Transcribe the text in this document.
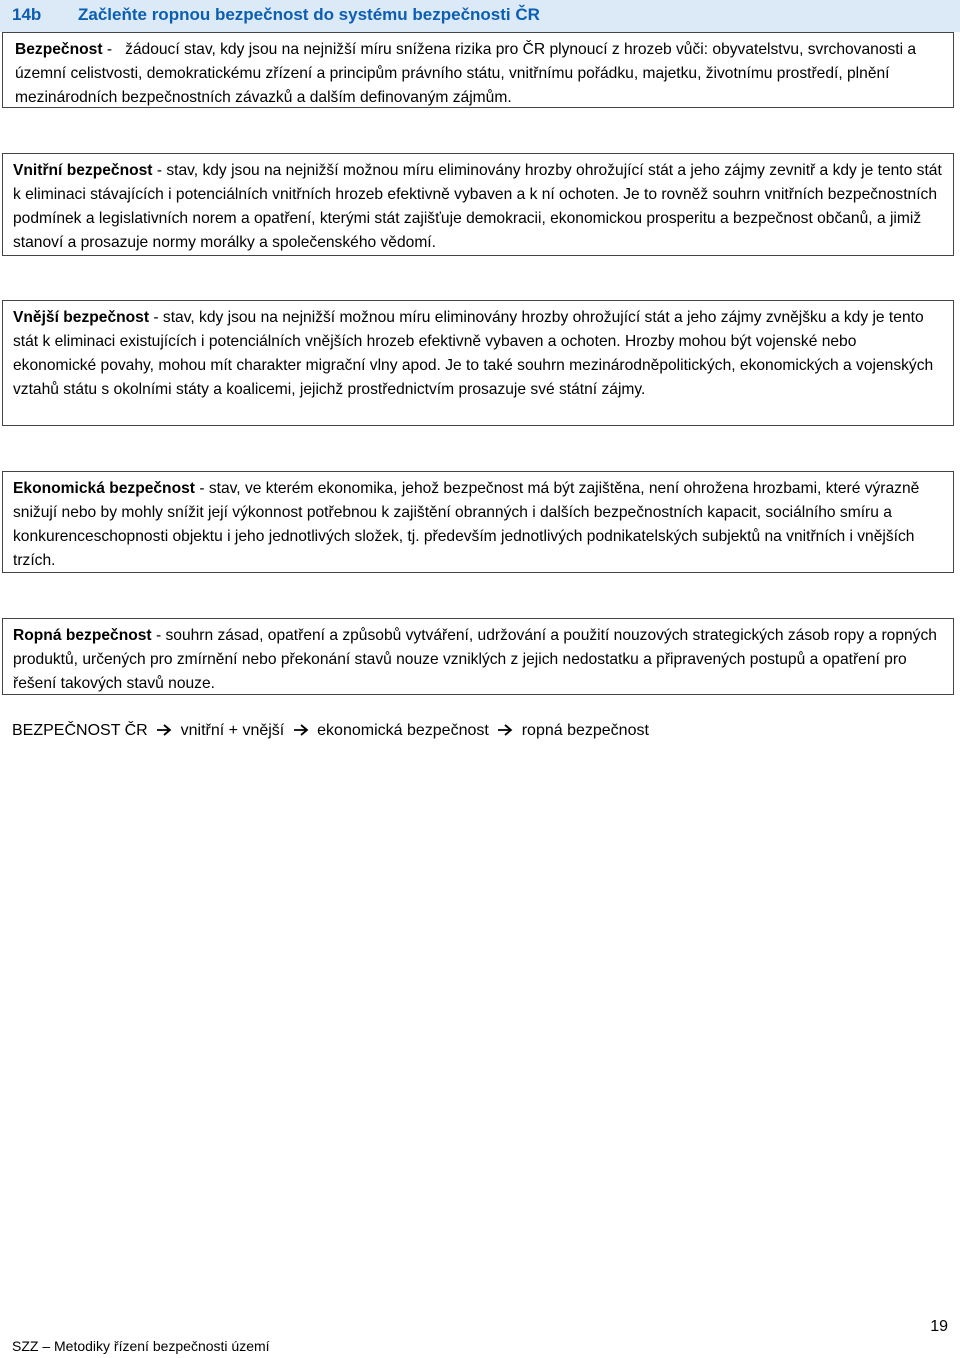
14b Začleňte ropnou bezpečnost do systému bezpečnosti ČR
Bezpečnost -   žádoucí stav, kdy jsou na nejnižší míru snížena rizika pro ČR plynoucí z hrozeb vůči: obyvatelstvu, svrchovanosti a územní celistvosti, demokratickému zřízení a principům právního státu, vnitřnímu pořádku, majetku, životnímu prostředí, plnění mezinárodních bezpečnostních závazků a dalším definovaným zájmům.
Vnitřní bezpečnost - stav, kdy jsou na nejnižší možnou míru eliminovány hrozby ohrožující stát a jeho zájmy zevnitř a kdy je tento stát k eliminaci stávajících i potenciálních vnitřních hrozeb efektivně vybaven a k ní ochoten. Je to rovněž souhrn vnitřních bezpečnostních podmínek a legislativních norem a opatření, kterými stát zajišťuje demokracii, ekonomickou prosperitu a bezpečnost občanů, a jimiž stanoví a prosazuje normy morálky a společenského vědomí.
Vnější bezpečnost - stav, kdy jsou na nejnižší možnou míru eliminovány hrozby ohrožující stát a jeho zájmy zvnějšku a kdy je tento stát k eliminaci existujících i potenciálních vnějších hrozeb efektivně vybaven a ochoten. Hrozby mohou být vojenské nebo ekonomické povahy, mohou mít charakter migrační vlny apod. Je to také souhrn mezinárodněpolitických, ekonomických a vojenských vztahů státu s okolními státy a koalicemi, jejichž prostřednictvím prosazuje své státní zájmy.
Ekonomická bezpečnost - stav, ve kterém ekonomika, jehož bezpečnost má být zajištěna, není ohrožena hrozbami, které výrazně snižují nebo by mohly snížit její výkonnost potřebnou k zajištění obranných i dalších bezpečnostních kapacit, sociálního smíru a konkurenceschopnosti objektu i jeho jednotlivých složek, tj. především jednotlivých podnikatelských subjektů na vnitřních i vnějších trzích.
Ropná bezpečnost - souhrn zásad, opatření a způsobů vytváření, udržování a použití nouzových strategických zásob ropy a ropných produktů, určených pro zmírnění nebo překonání stavů nouze vzniklých z jejich nedostatku a připravených postupů a opatření pro řešení takových stavů nouze.
BEZPEČNOST ČR vnitřní + vnější ekonomická bezpečnost ropná bezpečnost
SZZ – Metodiky řízení bezpečnosti území
19
